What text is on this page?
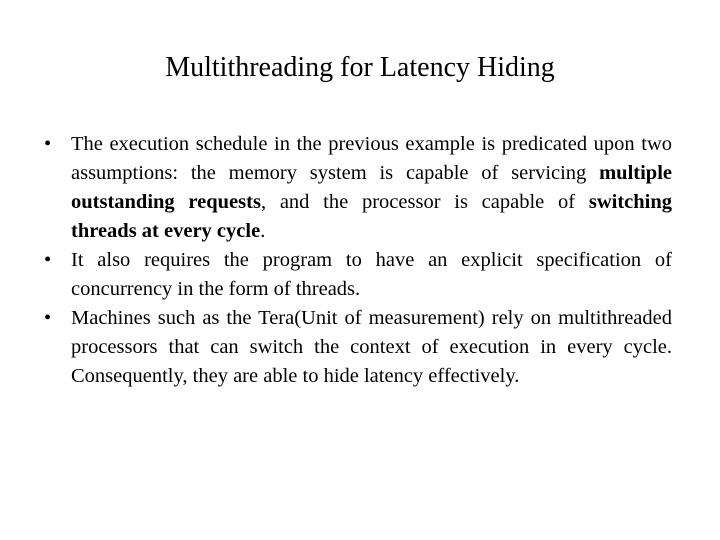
Multithreading for Latency Hiding
• The execution schedule in the previous example is predicated upon two assumptions: the memory system is capable of servicing multiple outstanding requests, and the processor is capable of switching threads at every cycle.
• It also requires the program to have an explicit specification of concurrency in the form of threads.
• Machines such as the Tera(Unit of measurement) rely on multithreaded processors that can switch the context of execution in every cycle. Consequently, they are able to hide latency effectively.
